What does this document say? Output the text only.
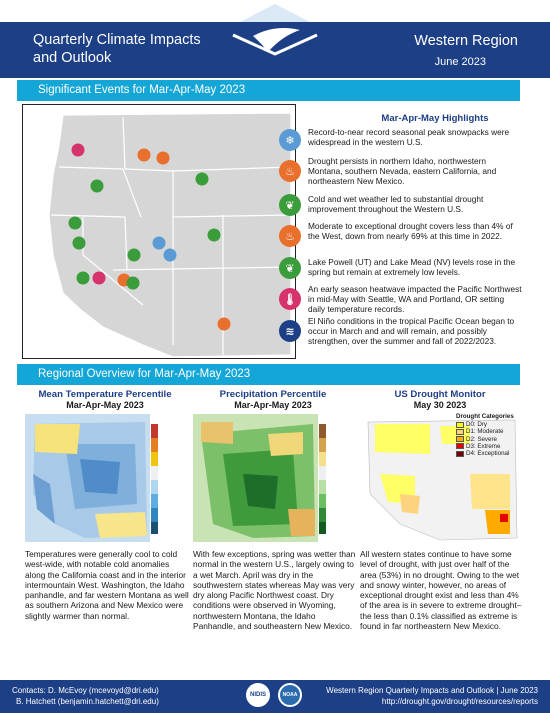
Quarterly Climate Impacts
and Outlook
Western Region
June 2023
Significant Events for Mar-Apr-May 2023
Mar-Apr-May Highlights
❄
Record-to-near record seasonal peak snowpacks were widespread in the western U.S.
♨
Drought persists in northern Idaho, northwestern Montana, southern Nevada, eastern California, and northeastern New Mexico.
❦
Cold and wet weather led to substantial drought improvement throughout the Western U.S.
♨
Moderate to exceptional drought covers less than 4% of the West, down from nearly 69% at this time in 2022.
❦
Lake Powell (UT) and Lake Mead (NV) levels rose in the spring but remain at extremely low levels.
🌡
An early season heatwave impacted the Pacific Northwest in mid-May with Seattle, WA and Portland, OR setting daily temperature records.
≋
El Niño conditions in the tropical Pacific Ocean began to occur in March and and will remain, and possibly strengthen, over the summer and fall of 2022/2023.
Regional Overview for Mar-Apr-May 2023
Mean Temperature Percentile
Mar-Apr-May 2023
Temperatures were generally cool to cold west-wide, with notable cold anomalies along the California coast and in the interior intermountain West. Washington, the Idaho panhandle, and far western Montana as well as southern Arizona and New Mexico were slightly warmer than normal.
Precipitation Percentile
Mar-Apr-May 2023
With few exceptions, spring was wetter than normal in the western U.S., largely owing to a wet March. April was dry in the southwestern states whereas May was very dry along Pacific Northwest coast. Dry conditions were observed in Wyoming, northwestern Montana, the Idaho Panhandle, and southeastern New Mexico.
US Drought Monitor
May 30 2023
Drought Categories
D0: Dry
D1: Moderate
D2: Severe
D3: Extreme
D4: Exceptional
All western states continue to have some level of drought, with just over half of the area (53%) in no drought. Owing to the wet and snowy winter, however, no areas of exceptional drought exist and less than 4% of the area is in severe to extreme drought–the less than 0.1% classified as extreme is found in far northeastern New Mexico.
Contacts: D. McEvoy (mcevoyd@dri.edu)
B. Hatchett (benjamin.hatchett@dri.edu)
NIDIS	NOAA	Western Region Quarterly Impacts and Outlook | June 2023
http://drought.gov/drought/resources/reports
